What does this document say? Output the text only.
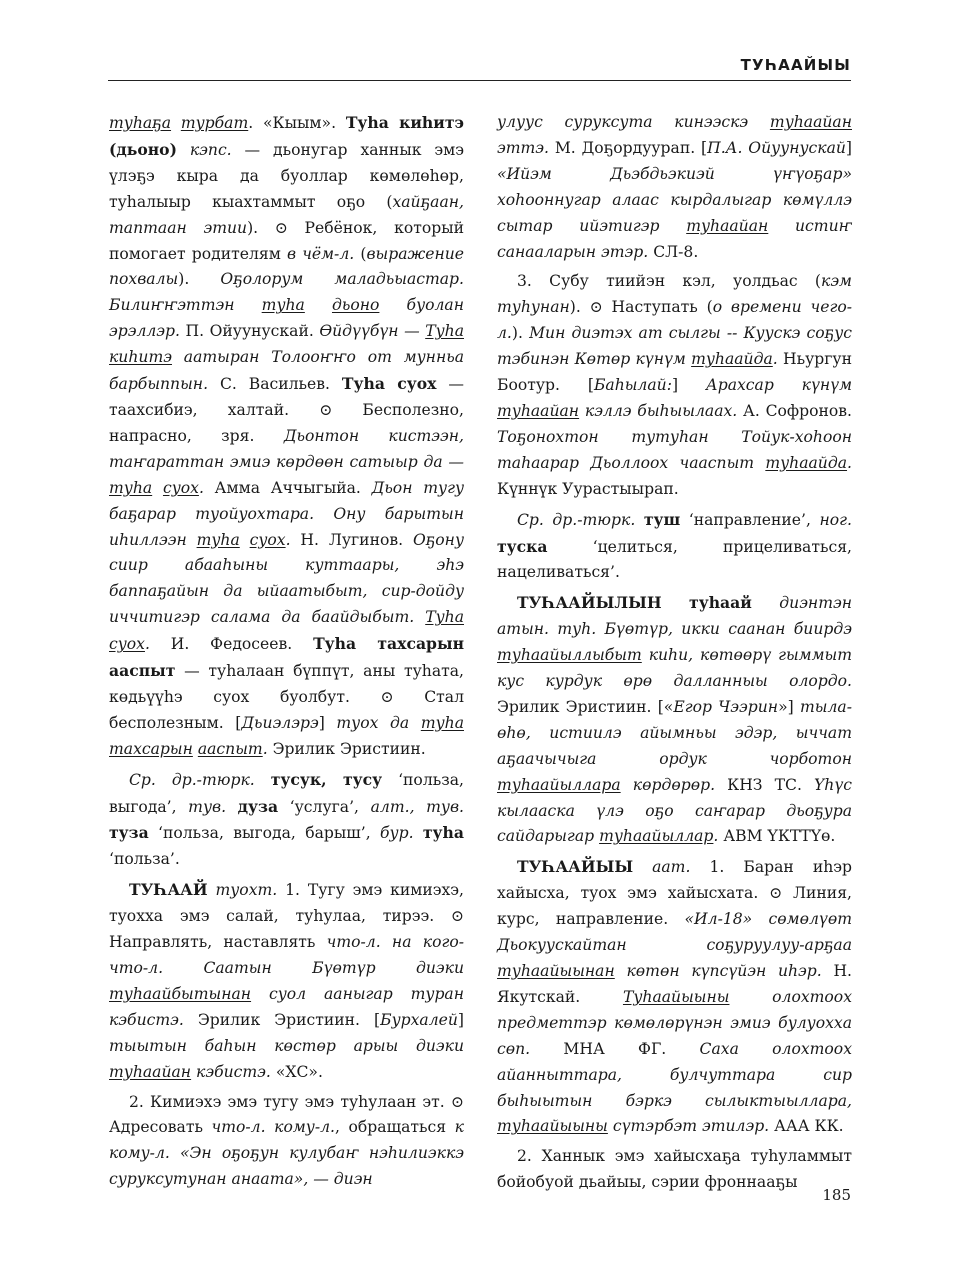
ТУҺААЙЫЫ

туһаҕа турбат. «Кыым». Туһа киһитэ (дьоно) кэпс. — дьонугар ханнык эмэ үлэҕэ кыра да буоллар көмөлөһөр, туһалыыр кыахтаммыт оҕо (хайҕаан, таптаан этии). ⊙ Ребёнок, который помогает родителям в чём-л. (выражение похвалы). Оҕолорум маладьыастар. Билиҥҥэттэн туһа дьоно буолан эрэллэр. П. Ойуунускай. Өйдүүбүн — Туһа киһитэ аатыран Толооҥҥо от мунньа барбыппын. С. Васильев. Туһа суох — таахсибиэ, халтай. ⊙ Бесполезно, напрасно, зря. Дьонтон кистээн, таҥараттан эмиэ көрдөөн сатыыр да — туһа суох. Амма Аччыгыйа. Дьон тугу баҕарар туойуохтара. Ону барытын иһиллээн туһа суох. Н. Лугинов. Оҕону сиир абааһыны куттаары, эһэ баппаҕайын да ыйаатыбыт, сир-дойду иччитигэр салама да баайдыбыт. Туһа суох. И. Федосеев. Туһа тахсарын ааспыт — туһалаан бүппүт, аны туһата, көдьүүһэ суох буолбут. ⊙ Стал бесполезным. [Дьиэлэрэ] туох да туһа тахсарын ааспыт. Эрилик Эристиин.

Ср. др.-тюрк. тусук, тусу ‘польза, выгода’, тув. дуза ‘услуга’, алт., тув. туза ‘польза, выгода, барыш’, бур. туһа ‘польза’.

ТУҺААЙ туохт. 1. Тугу эмэ кимиэхэ, туохха эмэ салай, туһулаа, тирээ. ⊙ Направлять, наставлять что-л. на кого-что-л. Саатын Бүөтүр диэки туһаайбытынан суол ааныгар туран кэбистэ. Эрилик Эристиин. [Бурхалей] тыытын баһын көстөр арыы диэки туһаайан кэбистэ. «ХС».

2. Кимиэхэ эмэ тугу эмэ туһулаан эт. ⊙ Адресовать что-л. кому-л., обращаться к кому-л. «Эн оҕоҕун кулубаҥ нэһилиэккэ суруксутунан анаата», — диэн

улуус суруксута кинээскэ туһаайан эттэ. М. Доҕордуурап. [П.А. Ойуунускай] «Ийэм Дьэбдьэкиэй үҥүоҕар» хоһооннугар алаас кырдалыгар көмүллэ сытар ийэтигэр туһаайан истиҥ санааларын этэр. СЛ-8.

3. Субу тиийэн кэл, уолдьас (кэм туһунан). ⊙ Наступать (о времени чего-л.). Мин диэтэх ат сылгы -- Куускэ соҕус тэбинэн Көтөр күнүм туһаайда. Ньургун Боотур. [Баһылай:] Арахсар күнүм туһаайан кэллэ быһыылаах. А. Софронов. Тоҕонохтон тутуһан Тойук-хоһоон таһаарар Дьоллоох чааспыт туһаайда. Күннүк Уурастыырап.

Ср. др.-тюрк. туш ‘направление’, ног. туска ‘целиться, прицеливаться, нацеливаться’.

ТУҺААЙЫЛЫН туһаай диэнтэн атын. туһ. Бүөтүр, икки саанан биирдэ туһаайыллыбыт киһи, көтөөрү гыммыт кус курдук өрө далланныы олордо. Эрилик Эристиин. [«Егор Чээрин»] тыла-өһө, истиилэ айымньы эдэр, ыччат аҕаачычыга ордук чорботон туһаайыллара көрдөрөр. КНЗ ТС. Үһүс кылааска үлэ оҕо саҥарар дьоҕура сайдарыгар туһаайыллар. АВМ ҮКТТҮө.

ТУҺААЙЫЫ аат. 1. Баран иһэр хайысха, туох эмэ хайысхата. ⊙ Линия, курс, направление. «Ил-18» сөмөлүөт Дьокуускайтан соҕуруулуу-арҕаа туһаайыынан көтөн күпсүйэн иһэр. Н. Якутскай. Туһаайыыны олохтоох предметтэр көмөлөрүнэн эмиэ булуохха сөп. МНА ФГ. Саха олохтоох айанныттара, булчуттара сир быһыытын бэркэ сылыктыыллара, туһаайыыны сүтэрбэт этилэр. ААА КК.

2. Ханнык эмэ хайысхаҕа туһуламмыт бойобуой дьайыы, сэрии фроннааҕы

185
